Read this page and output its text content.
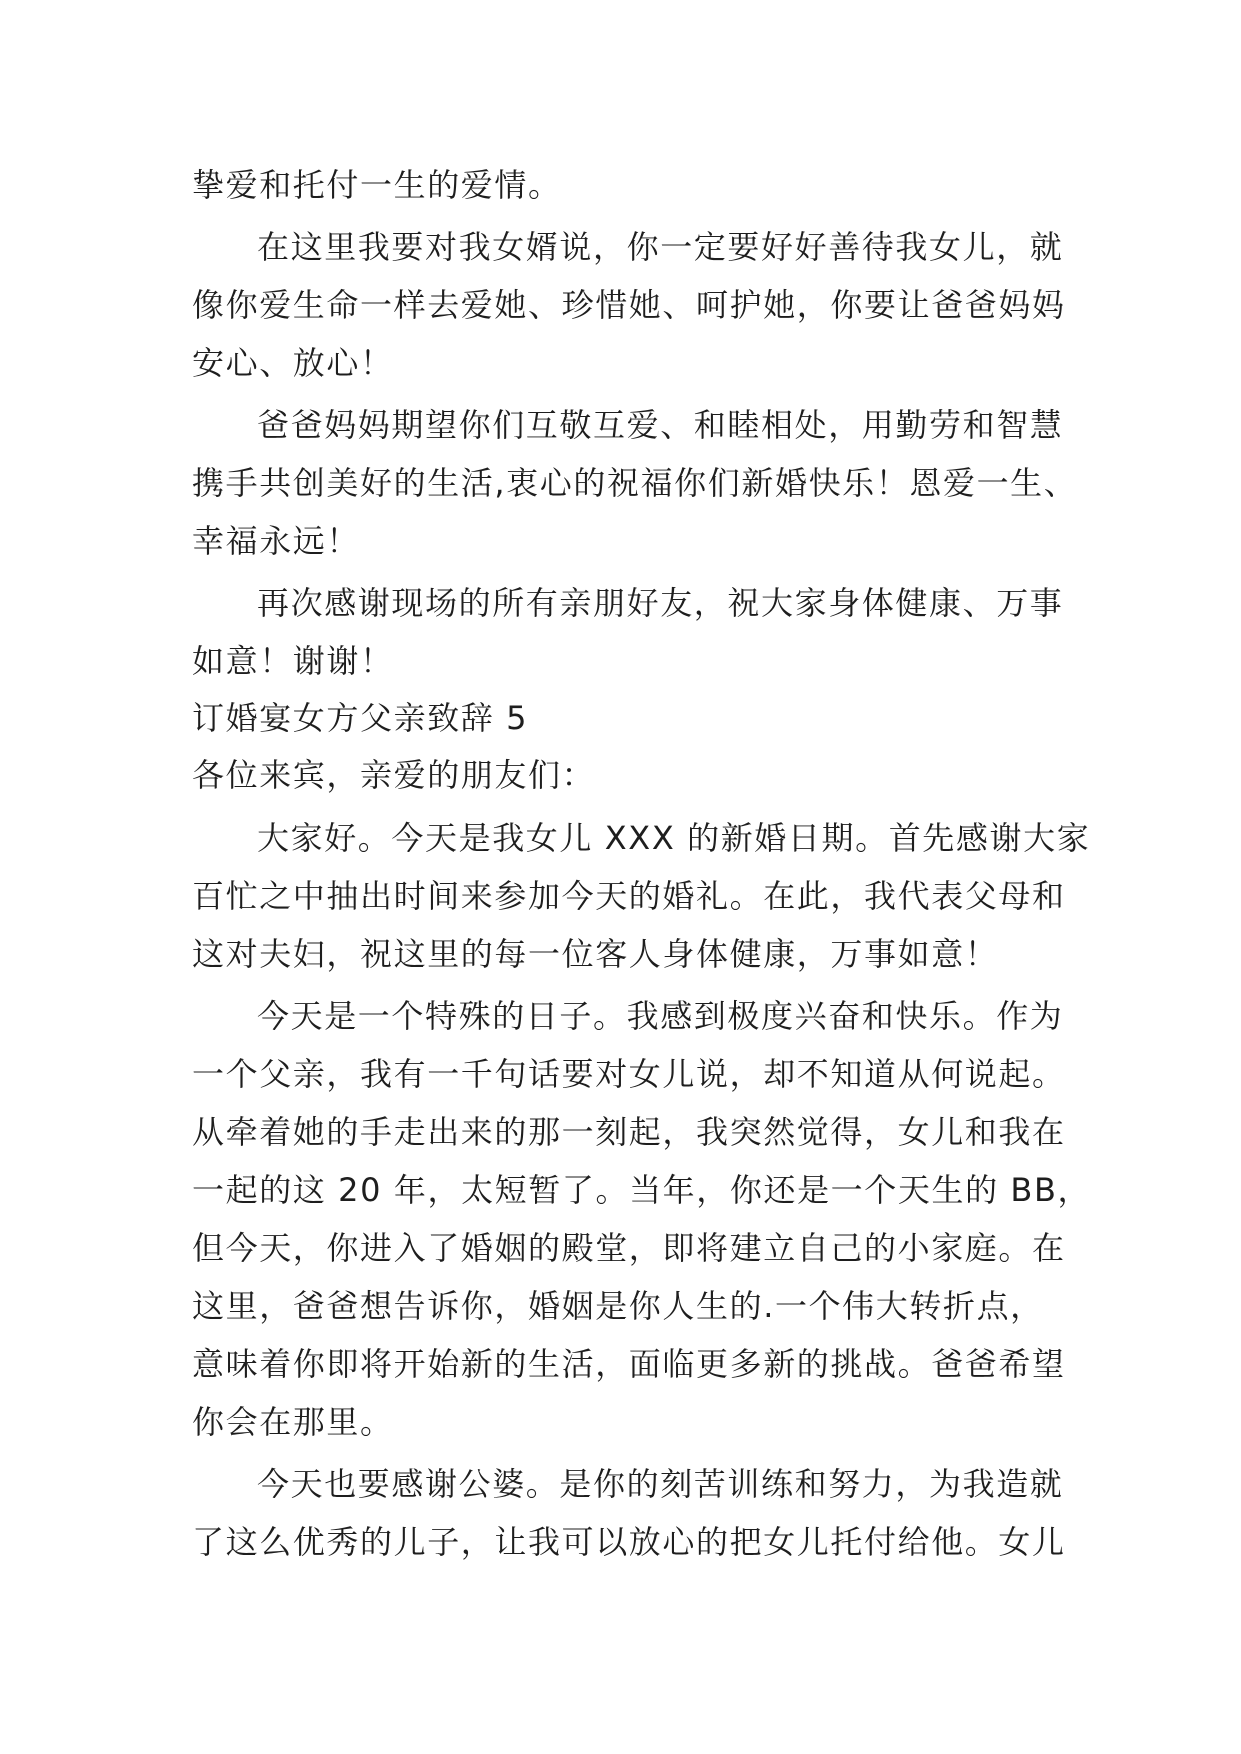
挚爱和托付一生的爱情。

在这里我要对我女婿说，你一定要好好善待我女儿，就

像你爱生命一样去爱她、珍惜她、呵护她，你要让爸爸妈妈

安心、放心！

爸爸妈妈期望你们互敬互爱、和睦相处，用勤劳和智慧

携手共创美好的生活,衷心的祝福你们新婚快乐！恩爱一生、

幸福永远！

再次感谢现场的所有亲朋好友，祝大家身体健康、万事

如意！谢谢！

订婚宴女方父亲致辞 5

各位来宾，亲爱的朋友们：

大家好。今天是我女儿 XXX 的新婚日期。首先感谢大家

百忙之中抽出时间来参加今天的婚礼。在此，我代表父母和

这对夫妇，祝这里的每一位客人身体健康，万事如意！

今天是一个特殊的日子。我感到极度兴奋和快乐。作为

一个父亲，我有一千句话要对女儿说，却不知道从何说起。

从牵着她的手走出来的那一刻起，我突然觉得，女儿和我在

一起的这 20 年，太短暂了。当年，你还是一个天生的 BB，

但今天，你进入了婚姻的殿堂，即将建立自己的小家庭。在

这里，爸爸想告诉你，婚姻是你人生的.一个伟大转折点，

意味着你即将开始新的生活，面临更多新的挑战。爸爸希望

你会在那里。

今天也要感谢公婆。是你的刻苦训练和努力，为我造就

了这么优秀的儿子，让我可以放心的把女儿托付给他。女儿
